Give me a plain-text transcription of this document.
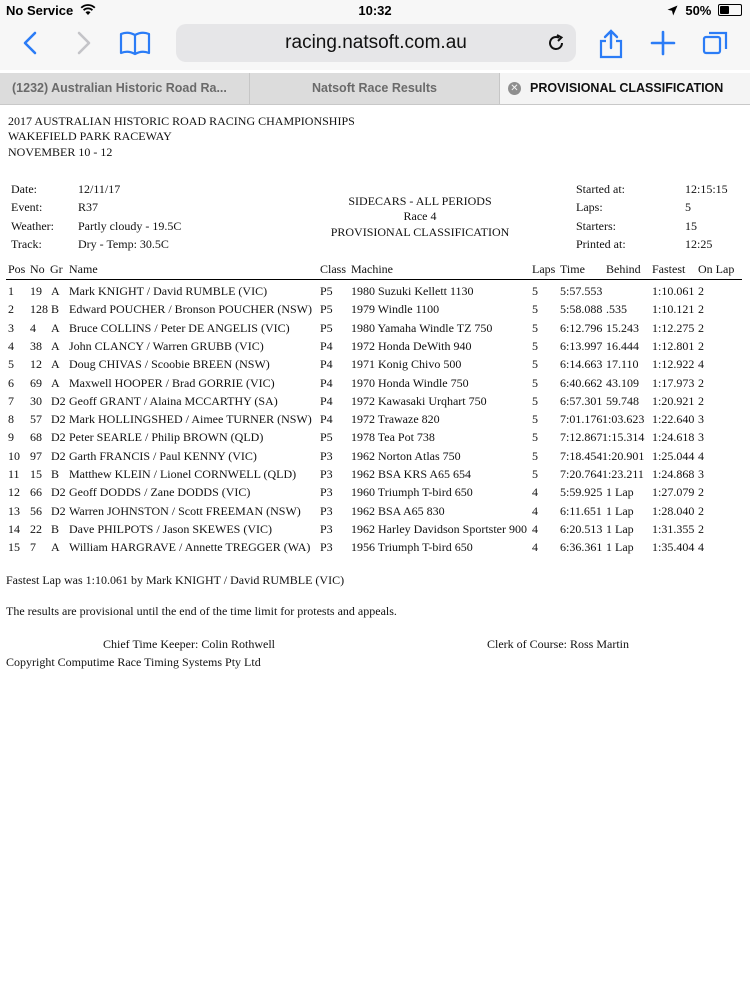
No Service	10:32	50%
racing.natsoft.com.au
(1232) Australian Historic Road Ra...	Natsoft Race Results	✕ PROVISIONAL CLASSIFICATION
2017 AUSTRALIAN HISTORIC ROAD RACING CHAMPIONSHIPS
WAKEFIELD PARK RACEWAY
NOVEMBER 10 - 12
Date:	12/11/17
Event:	R37
Weather: Partly cloudy - 19.5C
Track:	Dry - Temp: 30.5C
SIDECARS - ALL PERIODS
Race 4
PROVISIONAL CLASSIFICATION
Started at:	12:15:15
Laps:	5
Starters:	15
Printed at:	12:25
Pos No Gr Name	Class Machine	Laps Time Behind Fastest On Lap
1 19 A Mark KNIGHT / David RUMBLE (VIC)	P5 1980 Suzuki Kellett 1130	5 5:57.553	1:10.061 2
2 128 B Edward POUCHER / Bronson POUCHER (NSW) P5 1979 Windle 1100	5 5:58.088 .535 1:10.121 2
3 4 A Bruce COLLINS / Peter DE ANGELIS (VIC)	P5 1980 Yamaha Windle TZ 750	5 6:12.796 15.243 1:12.275 2
4 38 A John CLANCY / Warren GRUBB (VIC)	P4 1972 Honda DeWith 940	5 6:13.997 16.444 1:12.801 2
5 12 A Doug CHIVAS / Scoobie BREEN (NSW)	P4 1971 Konig Chivo 500	5 6:14.663 17.110 1:12.922 4
6 69 A Maxwell HOOPER / Brad GORRIE (VIC)	P4 1970 Honda Windle 750	5 6:40.662 43.109 1:17.973 2
7 30 D2 Geoff GRANT / Alaina MCCARTHY (SA)	P4 1972 Kawasaki Urqhart 750	5 6:57.301 59.748 1:20.921 2
8 57 D2 Mark HOLLINGSHED / Aimee TURNER (NSW) P4 1972 Trawaze 820	5 7:01.176 1:03.623 1:22.640 3
9 68 D2 Peter SEARLE / Philip BROWN (QLD)	P5 1978 Tea Pot 738	5 7:12.867 1:15.314 1:24.618 3
10 97 D2 Garth FRANCIS / Paul KENNY (VIC)	P3 1962 Norton Atlas 750	5 7:18.454 1:20.901 1:25.044 4
11 15 B Matthew KLEIN / Lionel CORNWELL (QLD) P3 1962 BSA KRS A65 654	5 7:20.764 1:23.211 1:24.868 3
12 66 D2 Geoff DODDS / Zane DODDS (VIC)	P3 1960 Triumph T-bird 650	4 5:59.925 1 Lap 1:27.079 2
13 56 D2 Warren JOHNSTON / Scott FREEMAN (NSW) P3 1962 BSA A65 830	4 6:11.651 1 Lap 1:28.040 2
14 22 B Dave PHILPOTS / Jason SKEWES (VIC)	P3 1962 Harley Davidson Sportster 900 4 6:20.513 1 Lap 1:31.355 2
15 7 A William HARGRAVE / Annette TREGGER (WA) P3 1956 Triumph T-bird 650	4 6:36.361 1 Lap 1:35.404 4
Fastest Lap was 1:10.061 by Mark KNIGHT / David RUMBLE (VIC)
The results are provisional until the end of the time limit for protests and appeals.
Chief Time Keeper: Colin Rothwell	Clerk of Course: Ross Martin
Copyright Computime Race Timing Systems Pty Ltd
